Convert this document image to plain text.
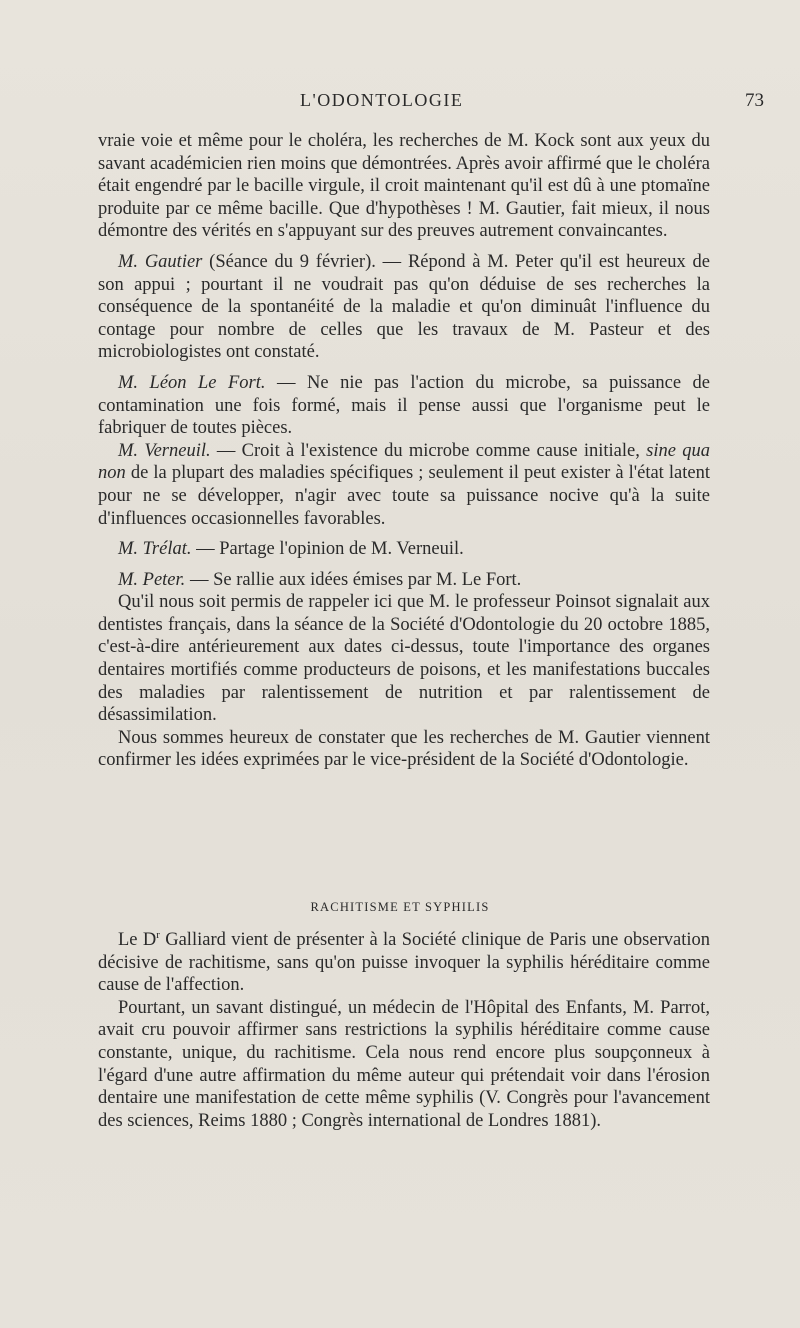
L'ODONTOLOGIE	73

vraie voie et même pour le choléra, les recherches de M. Kock sont aux yeux du savant académicien rien moins que démontrées. Après avoir affirmé que le choléra était engendré par le bacille virgule, il croit maintenant qu'il est dû à une ptomaïne produite par ce même bacille. Que d'hypothèses ! M. Gautier, fait mieux, il nous démontre des vérités en s'appuyant sur des preuves autrement convaincantes.

M. Gautier (Séance du 9 février). — Répond à M. Peter qu'il est heureux de son appui ; pourtant il ne voudrait pas qu'on déduise de ses recherches la conséquence de la spontanéité de la maladie et qu'on diminuât l'influence du contage pour nombre de celles que les travaux de M. Pasteur et des microbiologistes ont constaté.

M. Léon Le Fort. — Ne nie pas l'action du microbe, sa puissance de contamination une fois formé, mais il pense aussi que l'organisme peut le fabriquer de toutes pièces.

M. Verneuil. — Croit à l'existence du microbe comme cause initiale, sine qua non de la plupart des maladies spécifiques ; seulement il peut exister à l'état latent pour ne se développer, n'agir avec toute sa puissance nocive qu'à la suite d'influences occasionnelles favorables.

M. Trélat. — Partage l'opinion de M. Verneuil.

M. Peter. — Se rallie aux idées émises par M. Le Fort.

Qu'il nous soit permis de rappeler ici que M. le professeur Poinsot signalait aux dentistes français, dans la séance de la Société d'Odontologie du 20 octobre 1885, c'est-à-dire antérieurement aux dates ci-dessus, toute l'importance des organes dentaires mortifiés comme producteurs de poisons, et les manifestations buccales des maladies par ralentissement de nutrition et par ralentissement de désassimilation.

Nous sommes heureux de constater que les recherches de M. Gautier viennent confirmer les idées exprimées par le vice-président de la Société d'Odontologie.

RACHITISME ET SYPHILIS

Le $D^r$ Galliard vient de présenter à la Société clinique de Paris une observation décisive de rachitisme, sans qu'on puisse invoquer la syphilis héréditaire comme cause de l'affection.

Pourtant, un savant distingué, un médecin de l'Hôpital des Enfants, M. Parrot, avait cru pouvoir affirmer sans restrictions la syphilis héréditaire comme cause constante, unique, du rachitisme. Cela nous rend encore plus soupçonneux à l'égard d'une autre affirmation du même auteur qui prétendait voir dans l'érosion dentaire une manifestation de cette même syphilis (V. Congrès pour l'avancement des sciences, Reims 1880 ; Congrès international de Londres 1881).
